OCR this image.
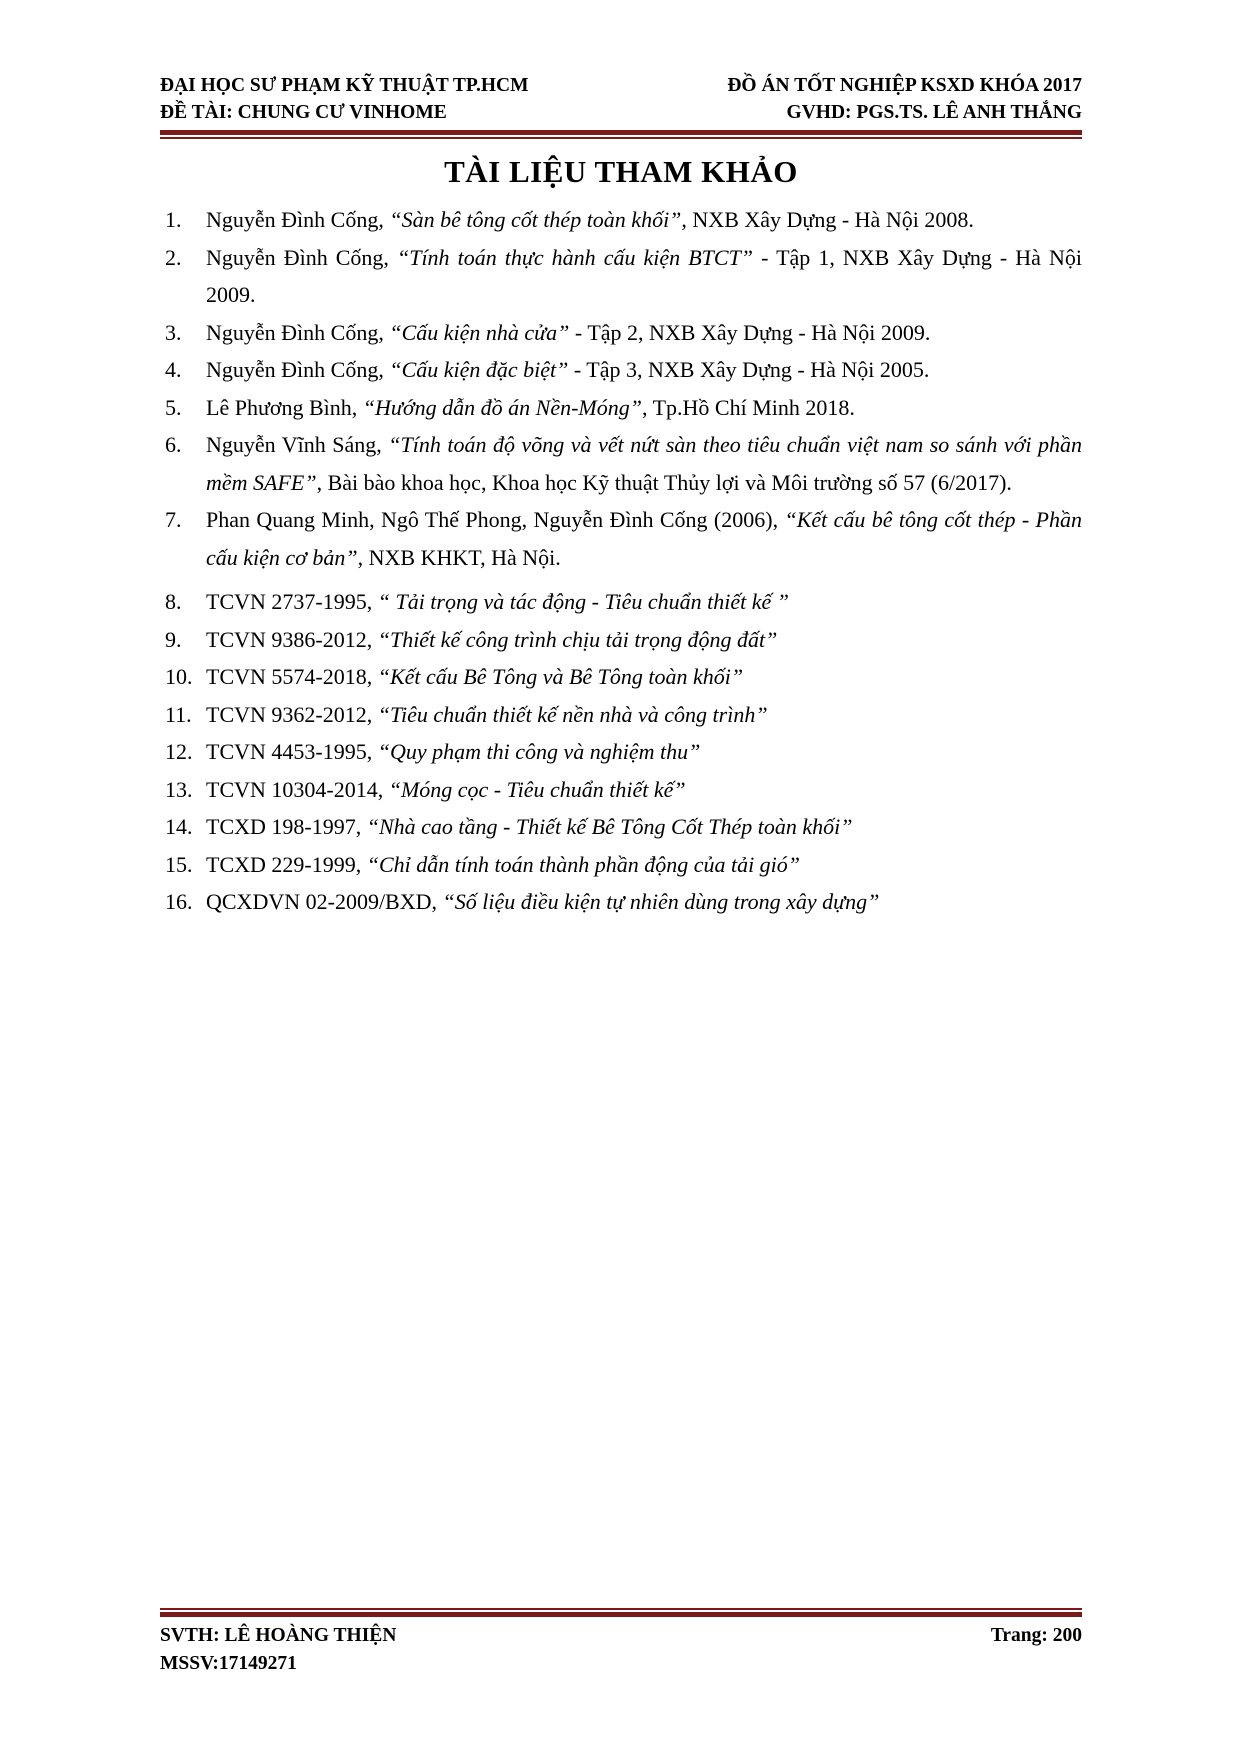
ĐẠI HỌC SƯ PHẠM KỸ THUẬT TP.HCM
ĐỀ TÀI: CHUNG CƯ VINHOME
ĐỒ ÁN TỐT NGHIỆP KSXD KHÓA 2017
GVHD: PGS.TS. LÊ ANH THẮNG
TÀI LIỆU THAM KHẢO
1. Nguyễn Đình Cống, “Sàn bê tông cốt thép toàn khối”, NXB Xây Dựng - Hà Nội 2008.
2. Nguyễn Đình Cống, “Tính toán thực hành cấu kiện BTCT” - Tập 1, NXB Xây Dựng - Hà Nội 2009.
3. Nguyễn Đình Cống, “Cấu kiện nhà cửa” - Tập 2, NXB Xây Dựng - Hà Nội 2009.
4. Nguyễn Đình Cống, “Cấu kiện đặc biệt” - Tập 3, NXB Xây Dựng - Hà Nội 2005.
5. Lê Phương Bình, “Hướng dẫn đồ án Nền-Móng”, Tp.Hồ Chí Minh 2018.
6. Nguyễn Vĩnh Sáng, “Tính toán độ võng và vết nứt sàn theo tiêu chuẩn việt nam so sánh với phần mềm SAFE”, Bài bào khoa học, Khoa học Kỹ thuật Thủy lợi và Môi trường số 57 (6/2017).
7. Phan Quang Minh, Ngô Thế Phong, Nguyễn Đình Cống (2006), “Kết cấu bê tông cốt thép - Phần cấu kiện cơ bản”, NXB KHKT, Hà Nội.
8. TCVN 2737-1995, “ Tải trọng và tác động - Tiêu chuẩn thiết kế ”
9. TCVN 9386-2012, “Thiết kế công trình chịu tải trọng động đất”
10. TCVN 5574-2018, “Kết cấu Bê Tông và Bê Tông toàn khối”
11. TCVN 9362-2012, “Tiêu chuẩn thiết kế nền nhà và công trình”
12. TCVN 4453-1995, “Quy phạm thi công và nghiệm thu”
13. TCVN 10304-2014, “Móng cọc - Tiêu chuẩn thiết kế”
14. TCXD 198-1997, “Nhà cao tầng - Thiết kế Bê Tông Cốt Thép toàn khối”
15. TCXD 229-1999, “Chỉ dẫn tính toán thành phần động của tải gió”
16. QCXDVN 02-2009/BXD, “Số liệu điều kiện tự nhiên dùng trong xây dựng”
SVTH: LÊ HOÀNG THIỆN
MSSV:17149271
Trang: 200
